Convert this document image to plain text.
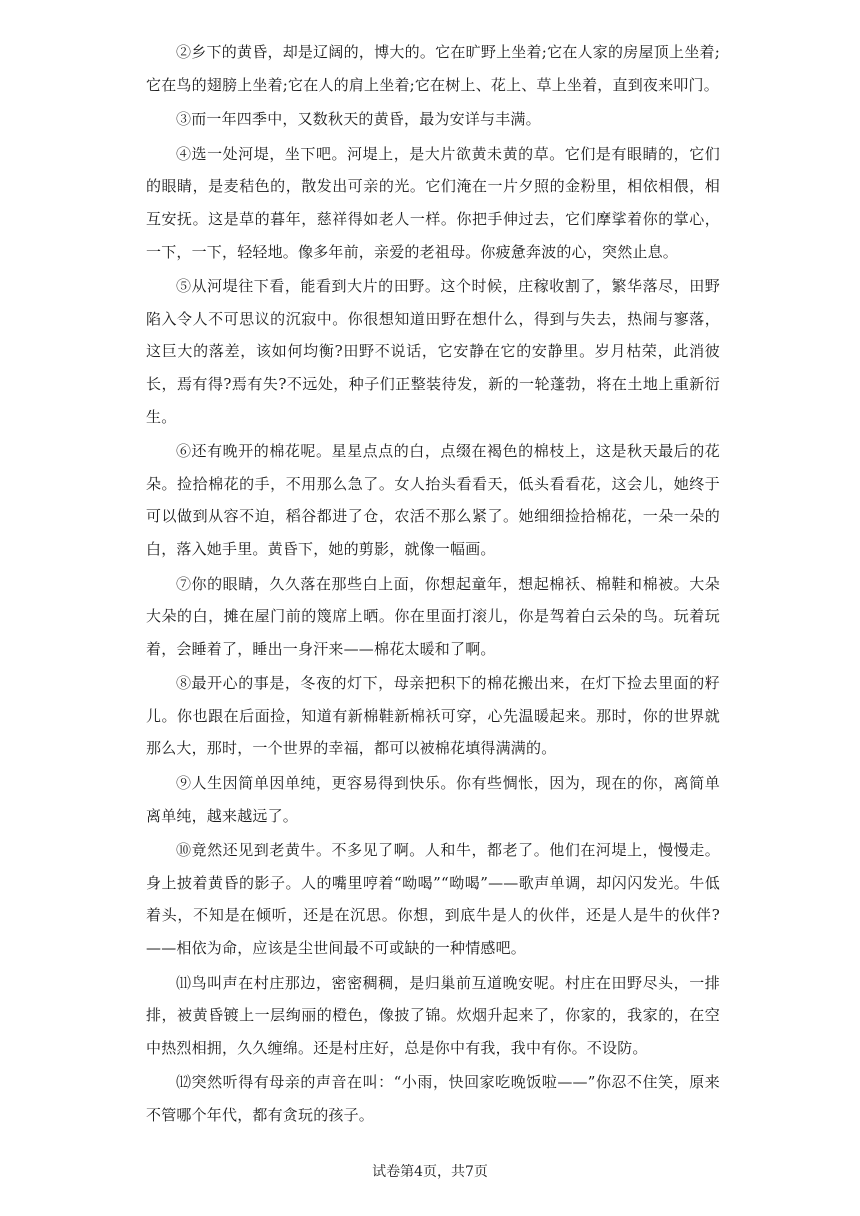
②乡下的黄昏，却是辽阔的，博大的。它在旷野上坐着;它在人家的房屋顶上坐着;它在鸟的翅膀上坐着;它在人的肩上坐着;它在树上、花上、草上坐着，直到夜来叩门。

③而一年四季中，又数秋天的黄昏，最为安详与丰满。

④选一处河堤，坐下吧。河堤上，是大片欲黄未黄的草。它们是有眼睛的，它们的眼睛，是麦秸色的，散发出可亲的光。它们淹在一片夕照的金粉里，相依相偎，相互安抚。这是草的暮年，慈祥得如老人一样。你把手伸过去，它们摩挲着你的掌心，一下，一下，轻轻地。像多年前，亲爱的老祖母。你疲惫奔波的心，突然止息。

⑤从河堤往下看，能看到大片的田野。这个时候，庄稼收割了，繁华落尽，田野陷入令人不可思议的沉寂中。你很想知道田野在想什么，得到与失去，热闹与寥落，这巨大的落差，该如何均衡?田野不说话，它安静在它的安静里。岁月枯荣，此消彼长，焉有得?焉有失?不远处，种子们正整装待发，新的一轮蓬勃，将在土地上重新衍生。

⑥还有晚开的棉花呢。星星点点的白，点缀在褐色的棉枝上，这是秋天最后的花朵。捡拾棉花的手，不用那么急了。女人抬头看看天，低头看看花，这会儿，她终于可以做到从容不迫，稻谷都进了仓，农活不那么紧了。她细细捡拾棉花，一朵一朵的白，落入她手里。黄昏下，她的剪影，就像一幅画。

⑦你的眼睛，久久落在那些白上面，你想起童年，想起棉袄、棉鞋和棉被。大朵大朵的白，摊在屋门前的篾席上晒。你在里面打滚儿，你是驾着白云朵的鸟。玩着玩着，会睡着了，睡出一身汗来——棉花太暖和了啊。

⑧最开心的事是，冬夜的灯下，母亲把积下的棉花搬出来，在灯下捡去里面的籽儿。你也跟在后面捡，知道有新棉鞋新棉袄可穿，心先温暖起来。那时，你的世界就那么大，那时，一个世界的幸福，都可以被棉花填得满满的。

⑨人生因简单因单纯，更容易得到快乐。你有些惆怅，因为，现在的你，离简单离单纯，越来越远了。

⑩竟然还见到老黄牛。不多见了啊。人和牛，都老了。他们在河堤上，慢慢走。身上披着黄昏的影子。人的嘴里哼着“呦喝”“呦喝”——歌声单调，却闪闪发光。牛低着头，不知是在倾听，还是在沉思。你想，到底牛是人的伙伴，还是人是牛的伙伴?——相依为命，应该是尘世间最不可或缺的一种情感吧。

⑾鸟叫声在村庄那边，密密稠稠，是归巢前互道晚安呢。村庄在田野尽头，一排排，被黄昏镀上一层绚丽的橙色，像披了锦。炊烟升起来了，你家的，我家的，在空中热烈相拥，久久缠绵。还是村庄好，总是你中有我，我中有你。不设防。

⑿突然听得有母亲的声音在叫：“小雨，快回家吃晚饭啦——”你忍不住笑，原来不管哪个年代，都有贪玩的孩子。

试卷第4页，共7页
